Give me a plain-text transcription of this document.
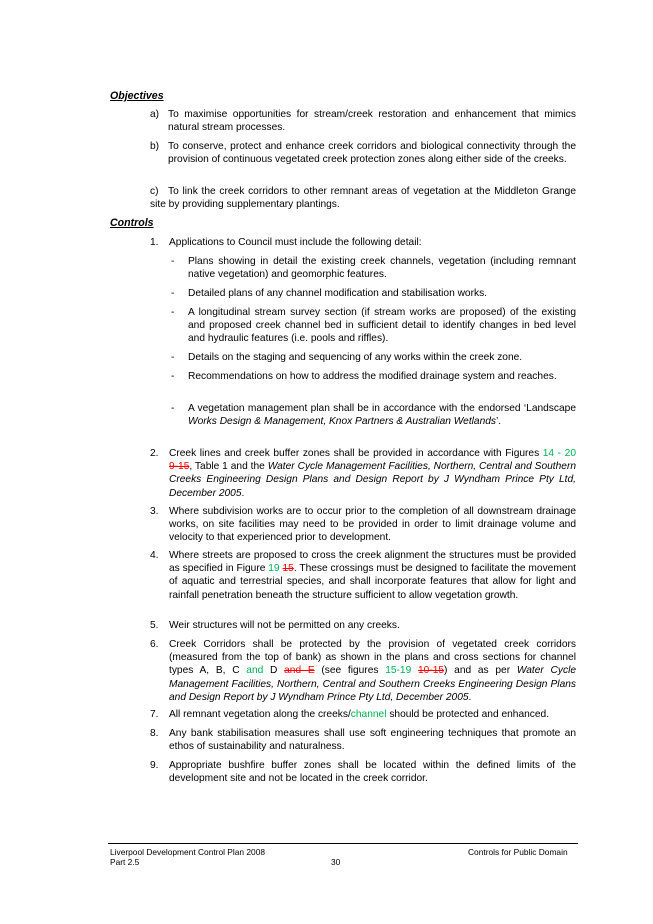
Objectives
a) To maximise opportunities for stream/creek restoration and enhancement that mimics natural stream processes.
b) To conserve, protect and enhance creek corridors and biological connectivity through the provision of continuous vegetated creek protection zones along either side of the creeks.
c) To link the creek corridors to other remnant areas of vegetation at the Middleton Grange site by providing supplementary plantings.
Controls
1.	Applications to Council must include the following detail:
-	Plans showing in detail the existing creek channels, vegetation (including remnant native vegetation) and geomorphic features.
-	Detailed plans of any channel modification and stabilisation works.
-	A longitudinal stream survey section (if stream works are proposed) of the existing and proposed creek channel bed in sufficient detail to identify changes in bed level and hydraulic features (i.e. pools and riffles).
-	Details on the staging and sequencing of any works within the creek zone.
-	Recommendations on how to address the modified drainage system and reaches.
-	A vegetation management plan shall be in accordance with the endorsed ‘Landscape Works Design & Management, Knox Partners & Australian Wetlands’.
2.	Creek lines and creek buffer zones shall be provided in accordance with Figures 14 - 20 9-15, Table 1 and the Water Cycle Management Facilities, Northern, Central and Southern Creeks Engineering Design Plans and Design Report by J Wyndham Prince Pty Ltd, December 2005.
3.	Where subdivision works are to occur prior to the completion of all downstream drainage works, on site facilities may need to be provided in order to limit drainage volume and velocity to that experienced prior to development.
4.	Where streets are proposed to cross the creek alignment the structures must be provided as specified in Figure 19 15. These crossings must be designed to facilitate the movement of aquatic and terrestrial species, and shall incorporate features that allow for light and rainfall penetration beneath the structure sufficient to allow vegetation growth.
5.	Weir structures will not be permitted on any creeks.
6.	Creek Corridors shall be protected by the provision of vegetated creek corridors (measured from the top of bank) as shown in the plans and cross sections for channel types A, B, C and D and E (see figures 15-19 10-15) and as per Water Cycle Management Facilities, Northern, Central and Southern Creeks Engineering Design Plans and Design Report by J Wyndham Prince Pty Ltd, December 2005.
7.	All remnant vegetation along the creeks/channel should be protected and enhanced.
8.	Any bank stabilisation measures shall use soft engineering techniques that promote an ethos of sustainability and naturalness.
9.	Appropriate bushfire buffer zones shall be located within the defined limits of the development site and not be located in the creek corridor.
Liverpool Development Control Plan 2008
Part 2.5	30
Controls for Public Domain
